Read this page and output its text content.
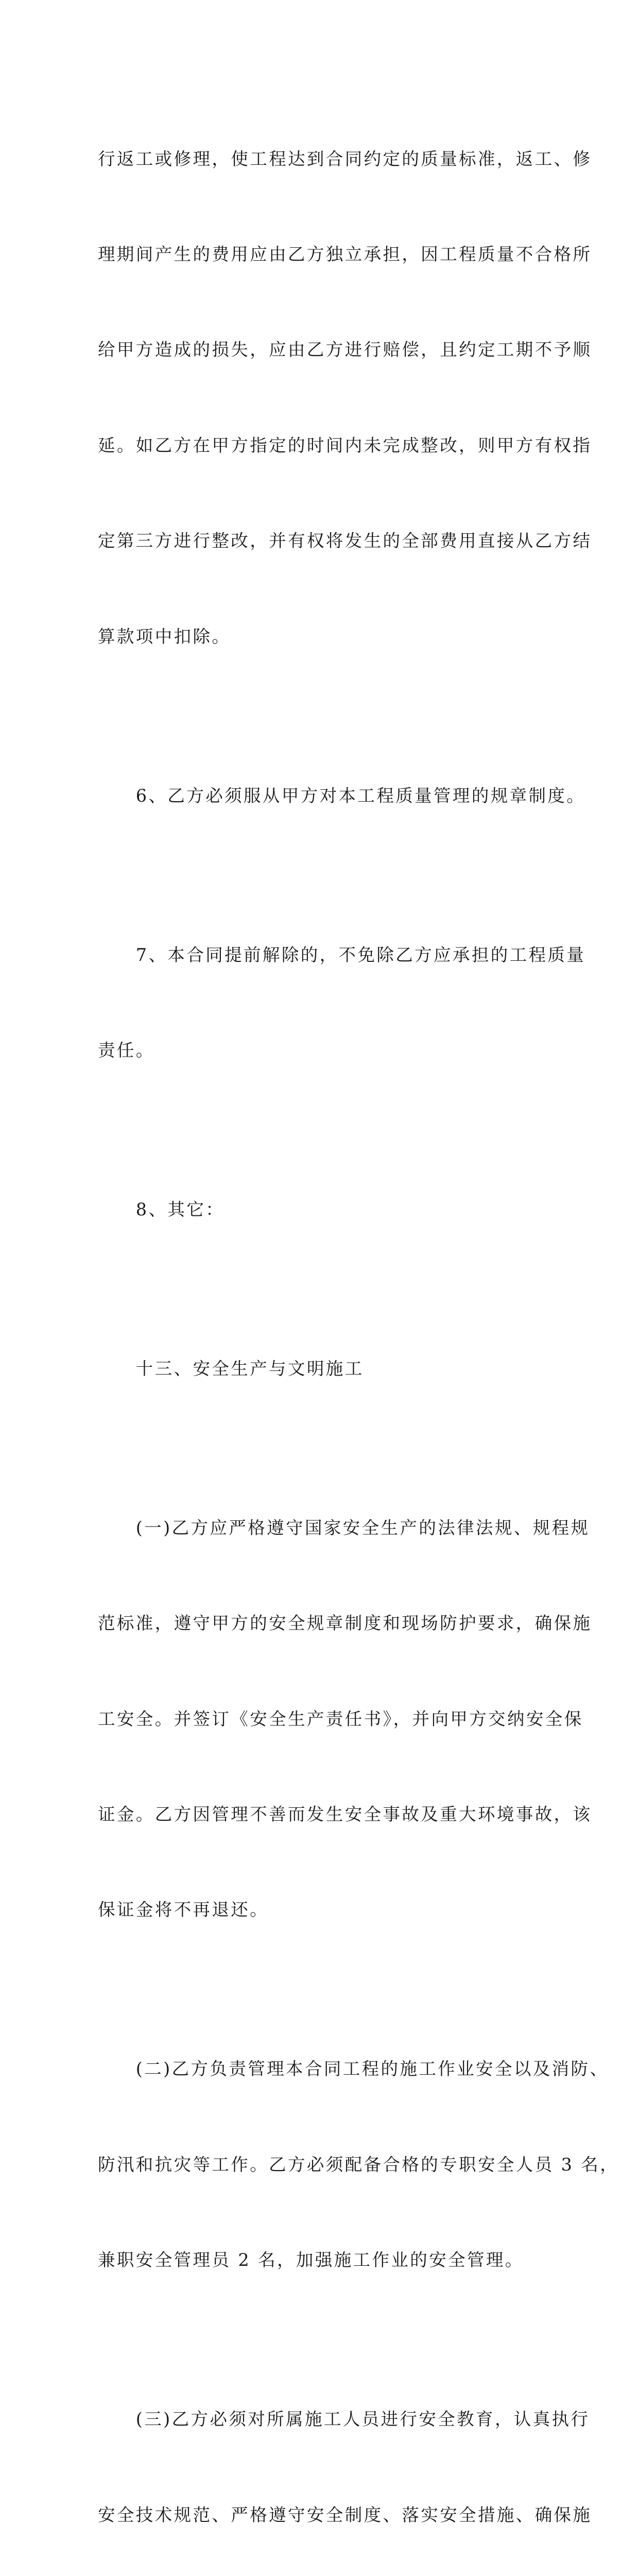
行返工或修理，使工程达到合同约定的质量标准，返工、修

理期间产生的费用应由乙方独立承担，因工程质量不合格所

给甲方造成的损失，应由乙方进行赔偿，且约定工期不予顺

延。如乙方在甲方指定的时间内未完成整改，则甲方有权指

定第三方进行整改，并有权将发生的全部费用直接从乙方结

算款项中扣除。

　　6、乙方必须服从甲方对本工程质量管理的规章制度。

　　7、本合同提前解除的，不免除乙方应承担的工程质量

责任。

　　8、其它：

　　十三、安全生产与文明施工

　　(一)乙方应严格遵守国家安全生产的法律法规、规程规

范标准，遵守甲方的安全规章制度和现场防护要求，确保施

工安全。并签订《安全生产责任书》，并向甲方交纳安全保

证金。乙方因管理不善而发生安全事故及重大环境事故，该

保证金将不再退还。

　　(二)乙方负责管理本合同工程的施工作业安全以及消防、

防汛和抗灾等工作。乙方必须配备合格的专职安全人员 3 名，

兼职安全管理员 2 名，加强施工作业的安全管理。

　　(三)乙方必须对所属施工人员进行安全教育，认真执行

安全技术规范、严格遵守安全制度、落实安全措施、确保施
